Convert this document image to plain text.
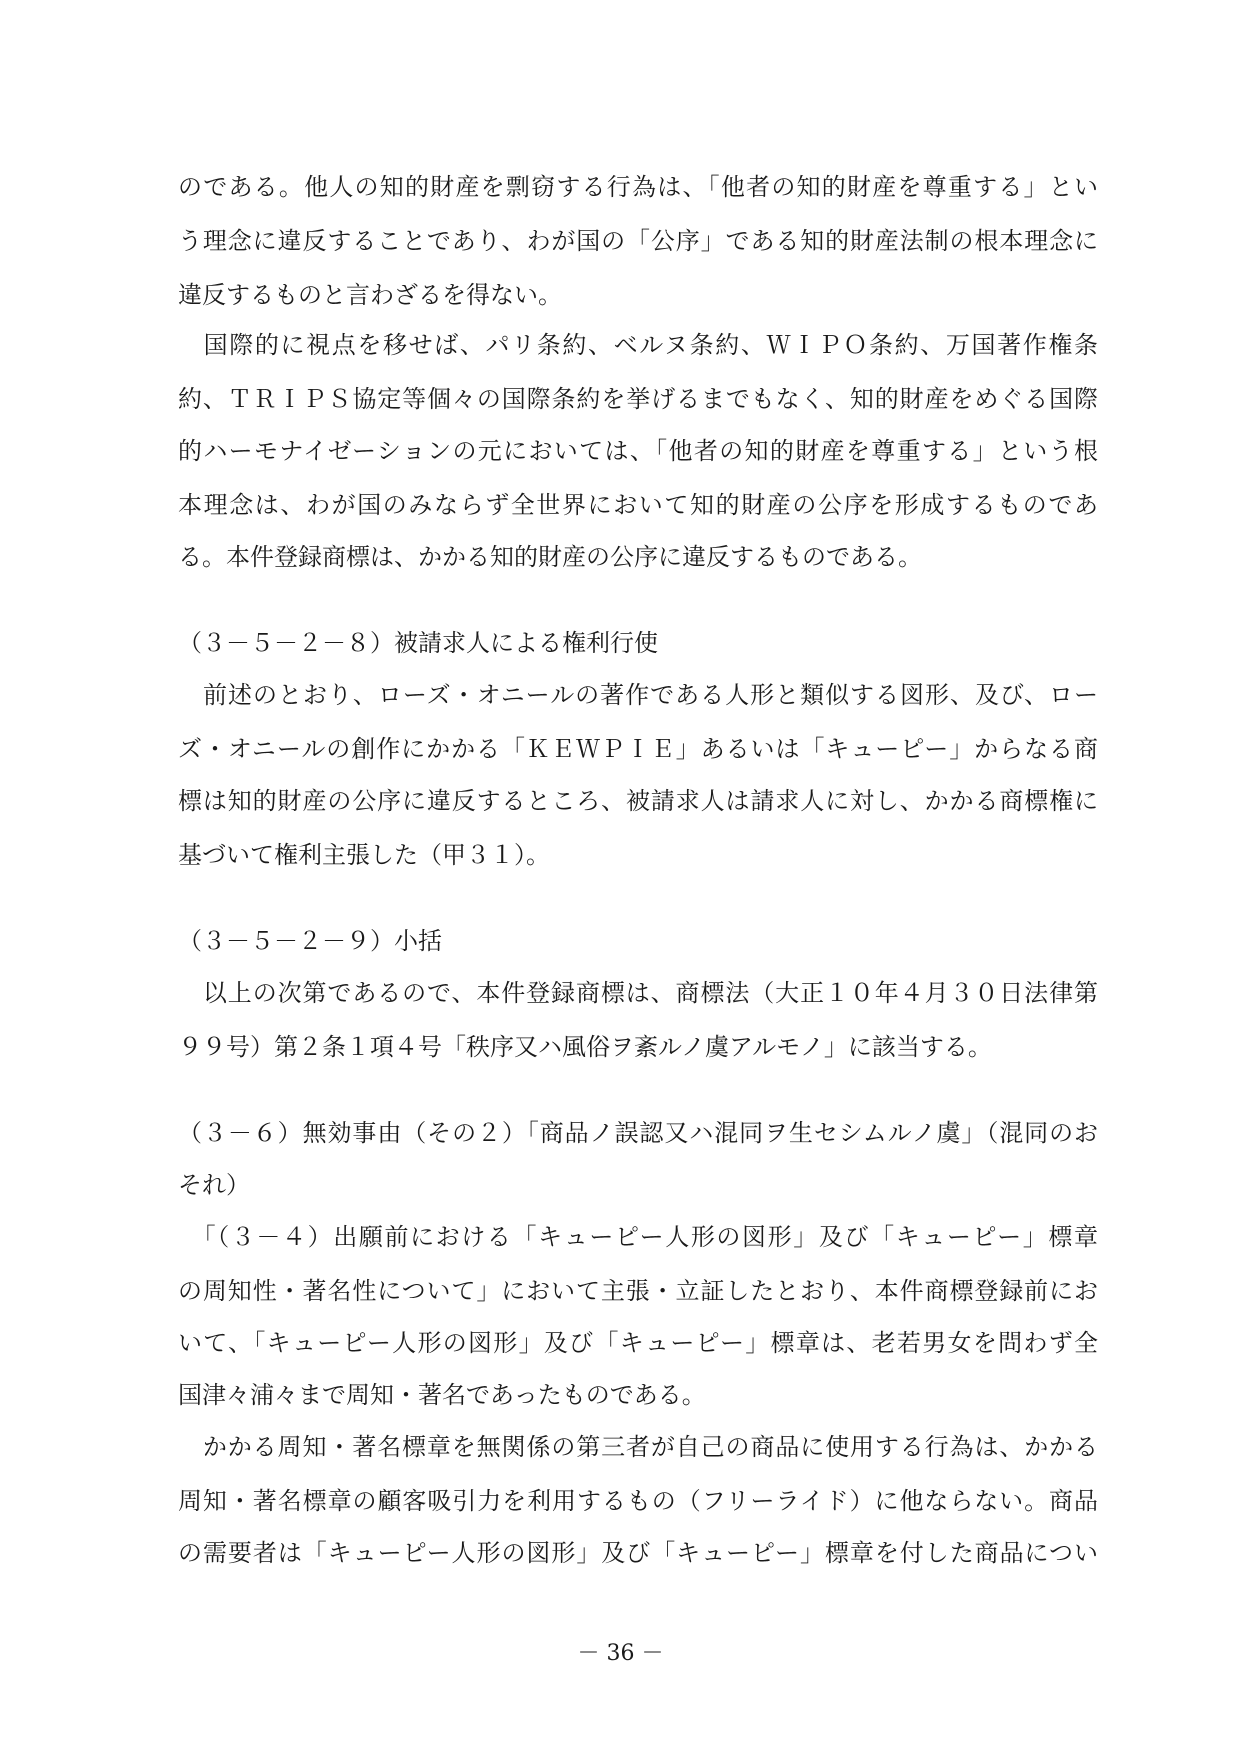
のである。他人の知的財産を剽窃する行為は、「他者の知的財産を尊重する」とい
う理念に違反することであり、わが国の「公序」である知的財産法制の根本理念に
違反するものと言わざるを得ない。
　国際的に視点を移せば、パリ条約、ベルヌ条約、ＷＩＰＯ条約、万国著作権条
約、ＴＲＩＰＳ協定等個々の国際条約を挙げるまでもなく、知的財産をめぐる国際
的ハーモナイゼーションの元においては、「他者の知的財産を尊重する」という根
本理念は、わが国のみならず全世界において知的財産の公序を形成するものであ
る。本件登録商標は、かかる知的財産の公序に違反するものである。
（３－５－２－８）被請求人による権利行使
　前述のとおり、ローズ・オニールの著作である人形と類似する図形、及び、ロー
ズ・オニールの創作にかかる「ＫＥＷＰＩＥ」あるいは「キューピー」からなる商
標は知的財産の公序に違反するところ、被請求人は請求人に対し、かかる商標権に
基づいて権利主張した（甲３１）。
（３－５－２－９）小括
　以上の次第であるので、本件登録商標は、商標法（大正１０年４月３０日法律第
９９号）第２条１項４号「秩序又ハ風俗ヲ紊ルノ虞アルモノ」に該当する。
（３－６）無効事由（その２）「商品ノ誤認又ハ混同ヲ生セシムルノ虞」（混同のお
それ）
　「（３－４）出願前における「キューピー人形の図形」及び「キューピー」標章
の周知性・著名性について」において主張・立証したとおり、本件商標登録前にお
いて、「キューピー人形の図形」及び「キューピー」標章は、老若男女を問わず全
国津々浦々まで周知・著名であったものである。
　かかる周知・著名標章を無関係の第三者が自己の商品に使用する行為は、かかる
周知・著名標章の顧客吸引力を利用するもの（フリーライド）に他ならない。商品
の需要者は「キューピー人形の図形」及び「キューピー」標章を付した商品につい
－ 36 －
